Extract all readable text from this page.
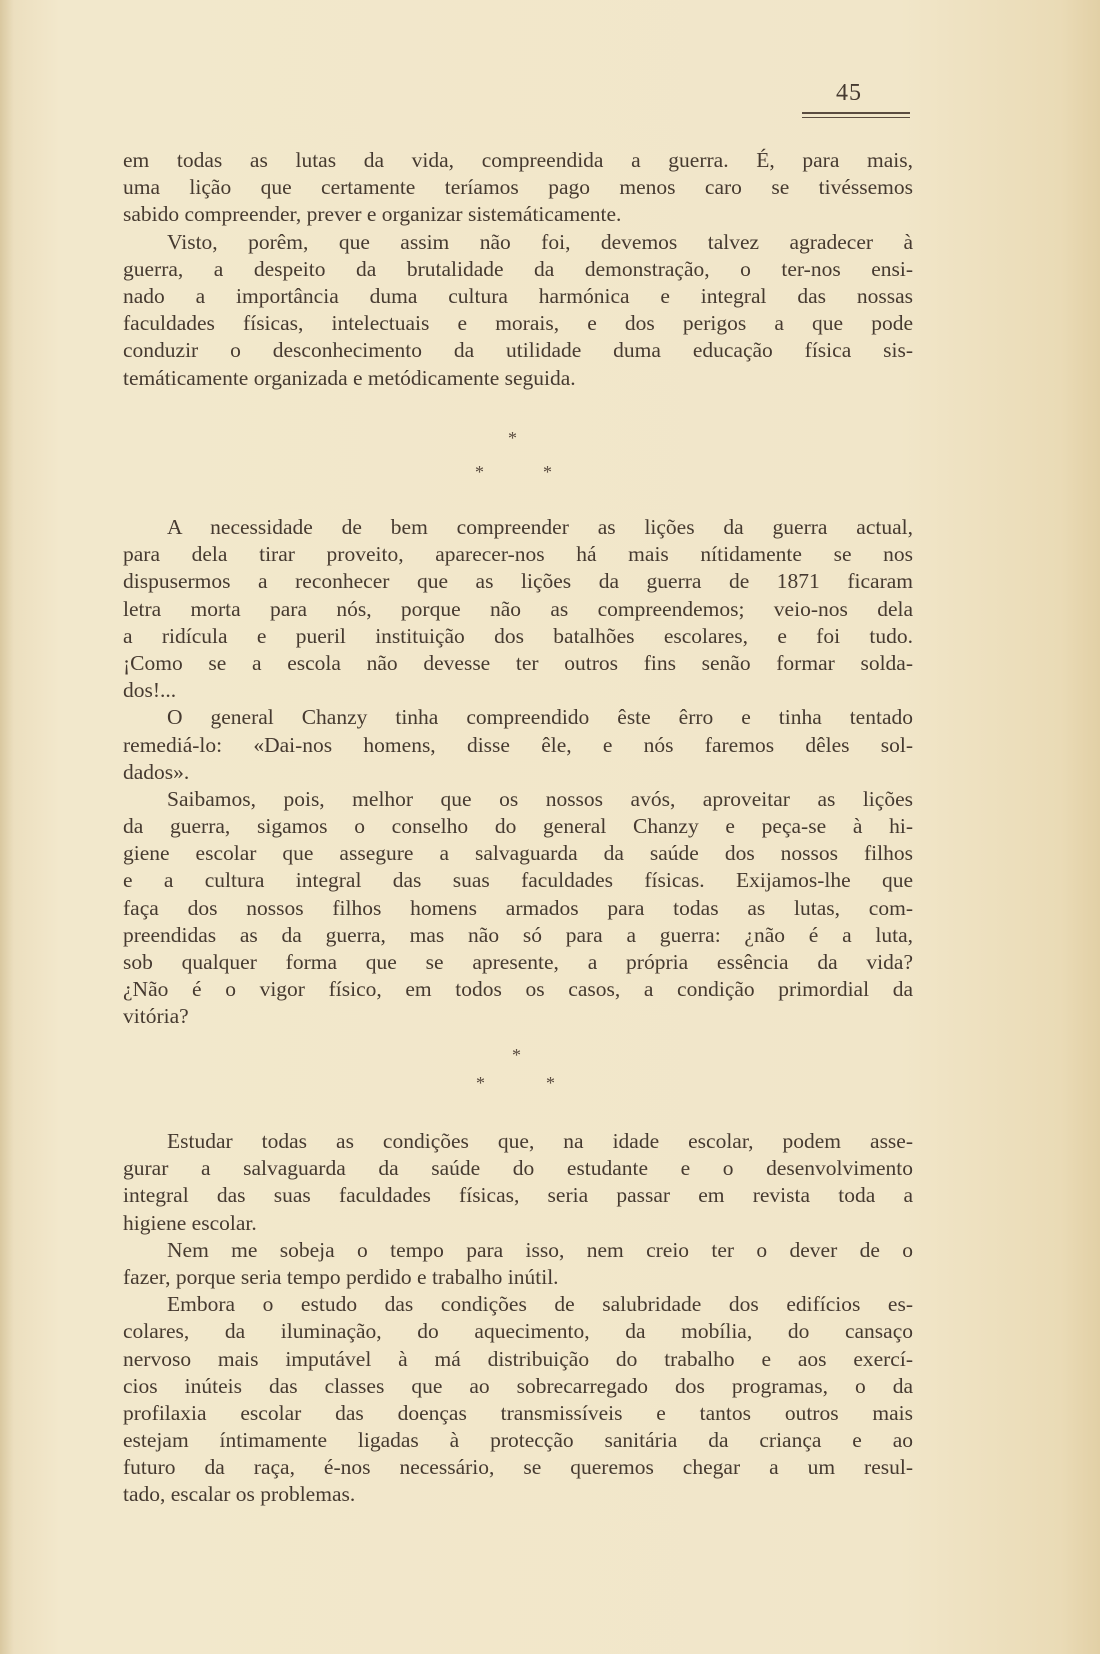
45
em todas as lutas da vida, compreendida a guerra. É, para mais,
uma lição que certamente teríamos pago menos caro se tivéssemos
sabido compreender, prever e organizar sistemáticamente.
Visto, porêm, que assim não foi, devemos talvez agradecer à
guerra, a despeito da brutalidade da demonstração, o ter-nos ensi-
nado a importância duma cultura harmónica e integral das nossas
faculdades físicas, intelectuais e morais, e dos perigos a que pode
conduzir o desconhecimento da utilidade duma educação física sis-
temáticamente organizada e metódicamente seguida.
*
*	*
A necessidade de bem compreender as lições da guerra actual,
para dela tirar proveito, aparecer-nos há mais nítidamente se nos
dispusermos a reconhecer que as lições da guerra de 1871 ficaram
letra morta para nós, porque não as compreendemos; veio-nos dela
a ridícula e pueril instituição dos batalhões escolares, e foi tudo.
¡Como se a escola não devesse ter outros fins senão formar solda-
dos!...
O general Chanzy tinha compreendido êste êrro e tinha tentado
remediá-lo: «Dai-nos homens, disse êle, e nós faremos dêles sol-
dados».
Saibamos, pois, melhor que os nossos avós, aproveitar as lições
da guerra, sigamos o conselho do general Chanzy e peça-se à hi-
giene escolar que assegure a salvaguarda da saúde dos nossos filhos
e a cultura integral das suas faculdades físicas. Exijamos-lhe que
faça dos nossos filhos homens armados para todas as lutas, com-
preendidas as da guerra, mas não só para a guerra: ¿não é a luta,
sob qualquer forma que se apresente, a própria essência da vida?
¿Não é o vigor físico, em todos os casos, a condição primordial da
vitória?
*
*	*
Estudar todas as condições que, na idade escolar, podem asse-
gurar a salvaguarda da saúde do estudante e o desenvolvimento
integral das suas faculdades físicas, seria passar em revista toda a
higiene escolar.
Nem me sobeja o tempo para isso, nem creio ter o dever de o
fazer, porque seria tempo perdido e trabalho inútil.
Embora o estudo das condições de salubridade dos edifícios es-
colares, da iluminação, do aquecimento, da mobília, do cansaço
nervoso mais imputável à má distribuição do trabalho e aos exercí-
cios inúteis das classes que ao sobrecarregado dos programas, o da
profilaxia escolar das doenças transmissíveis e tantos outros mais
estejam íntimamente ligadas à protecção sanitária da criança e ao
futuro da raça, é-nos necessário, se queremos chegar a um resul-
tado, escalar os problemas.
